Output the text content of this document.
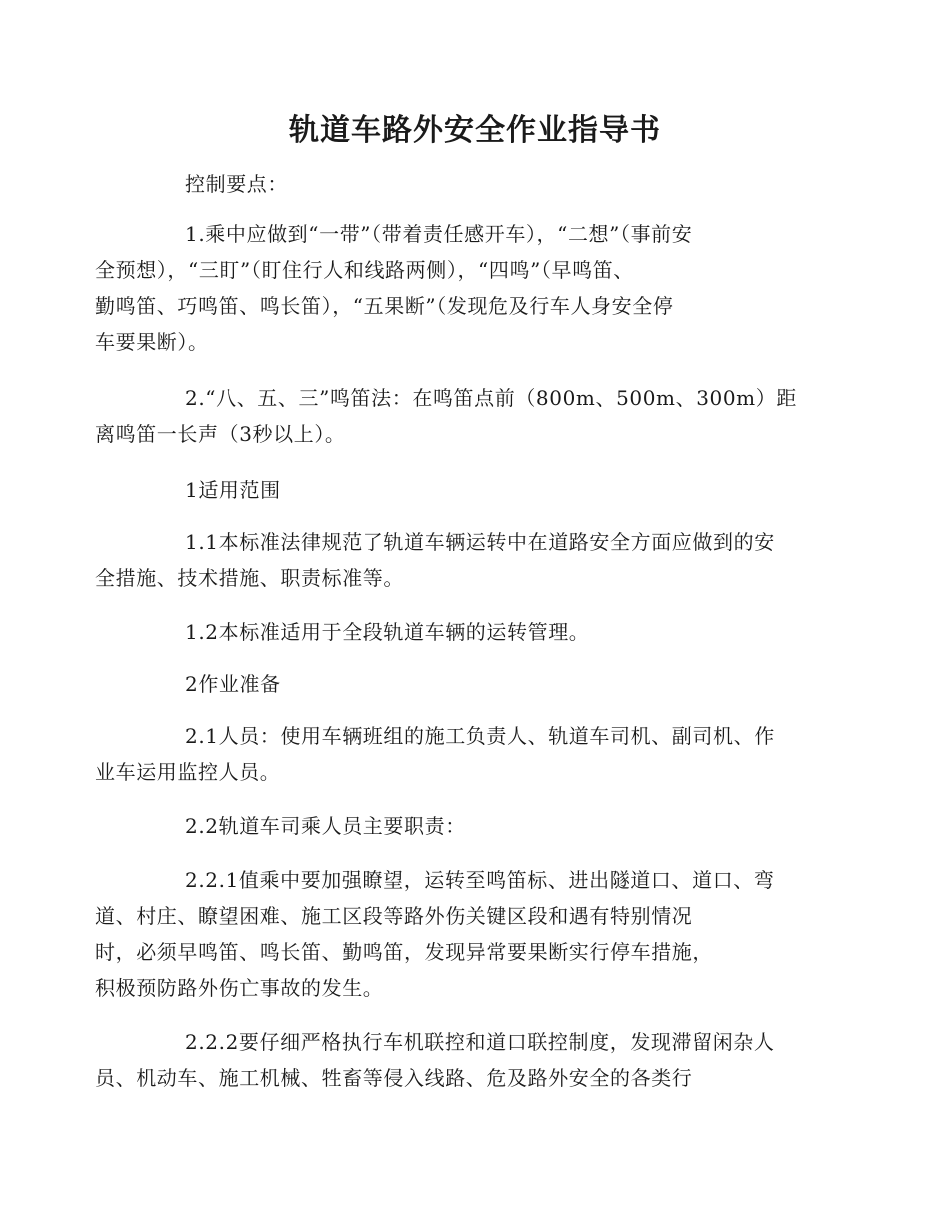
轨道车路外安全作业指导书
控制要点：
1.乘中应做到“一带”（带着责任感开车），“二想”（事前安
全预想），“三盯”（盯住行人和线路两侧），“四鸣”（早鸣笛、
勤鸣笛、巧鸣笛、鸣长笛），“五果断”（发现危及行车人身安全停
车要果断）。
2.“八、五、三”鸣笛法：在鸣笛点前（800m、500m、300m）距
离鸣笛一长声（3秒以上）。
1适用范围
1.1本标准法律规范了轨道车辆运转中在道路安全方面应做到的安
全措施、技术措施、职责标准等。
1.2本标准适用于全段轨道车辆的运转管理。
2作业准备
2.1人员：使用车辆班组的施工负责人、轨道车司机、副司机、作
业车运用监控人员。
2.2轨道车司乘人员主要职责：
2.2.1值乘中要加强瞭望，运转至鸣笛标、进出隧道口、道口、弯
道、村庄、瞭望困难、施工区段等路外伤关键区段和遇有特别情况
时，必须早鸣笛、鸣长笛、勤鸣笛，发现异常要果断实行停车措施，
积极预防路外伤亡事故的发生。
2.2.2要仔细严格执行车机联控和道口联控制度，发现滞留闲杂人
员、机动车、施工机械、牲畜等侵入线路、危及路外安全的各类行
